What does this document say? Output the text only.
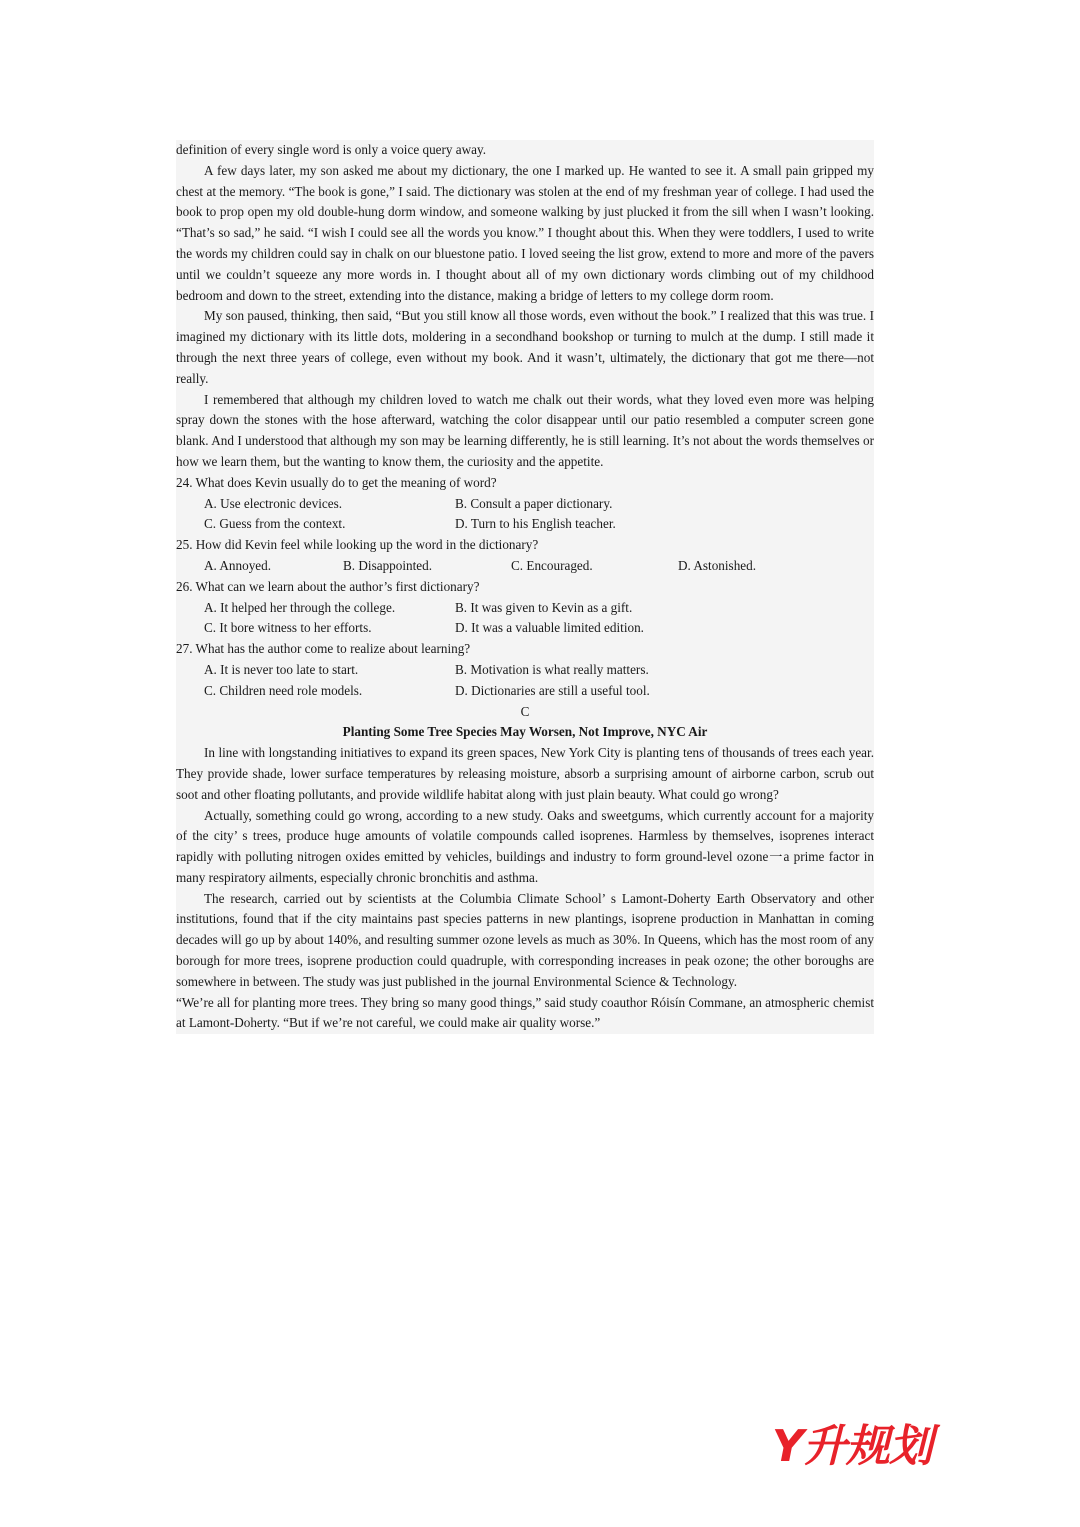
definition of every single word is only a voice query away.

A few days later, my son asked me about my dictionary, the one I marked up. He wanted to see it. A small pain gripped my chest at the memory. “The book is gone,” I said. The dictionary was stolen at the end of my freshman year of college. I had used the book to prop open my old double-hung dorm window, and someone walking by just plucked it from the sill when I wasn’t looking. “That’s so sad,” he said. “I wish I could see all the words you know.” I thought about this. When they were toddlers, I used to write the words my children could say in chalk on our bluestone patio. I loved seeing the list grow, extend to more and more of the pavers until we couldn’t squeeze any more words in. I thought about all of my own dictionary words climbing out of my childhood bedroom and down to the street, extending into the distance, making a bridge of letters to my college dorm room.

My son paused, thinking, then said, “But you still know all those words, even without the book.” I realized that this was true. I imagined my dictionary with its little dots, moldering in a secondhand bookshop or turning to mulch at the dump. I still made it through the next three years of college, even without my book. And it wasn’t, ultimately, the dictionary that got me there—not really.

I remembered that although my children loved to watch me chalk out their words, what they loved even more was helping spray down the stones with the hose afterward, watching the color disappear until our patio resembled a computer screen gone blank. And I understood that although my son may be learning differently, he is still learning. It’s not about the words themselves or how we learn them, but the wanting to know them, the curiosity and the appetite.

24. What does Kevin usually do to get the meaning of word?

A. Use electronic devices.	B. Consult a paper dictionary.
C. Guess from the context.	D. Turn to his English teacher.

25. How did Kevin feel while looking up the word in the dictionary?

A. Annoyed.	B. Disappointed.	C. Encouraged.	D. Astonished.

26. What can we learn about the author’s first dictionary?

A. It helped her through the college.	B. It was given to Kevin as a gift.
C. It bore witness to her efforts.	D. It was a valuable limited edition.

27. What has the author come to realize about learning?

A. It is never too late to start.	B. Motivation is what really matters.
C. Children need role models.	D. Dictionaries are still a useful tool.

C

Planting Some Tree Species May Worsen, Not Improve, NYC Air

In line with longstanding initiatives to expand its green spaces, New York City is planting tens of thousands of trees each year. They provide shade, lower surface temperatures by releasing moisture, absorb a surprising amount of airborne carbon, scrub out soot and other floating pollutants, and provide wildlife habitat along with just plain beauty. What could go wrong?

Actually, something could go wrong, according to a new study. Oaks and sweetgums, which currently account for a majority of the city’ s trees, produce huge amounts of volatile compounds called isoprenes. Harmless by themselves, isoprenes interact rapidly with polluting nitrogen oxides emitted by vehicles, buildings and industry to form ground-level ozone一a prime factor in many respiratory ailments, especially chronic bronchitis and asthma.

The research, carried out by scientists at the Columbia Climate School’ s Lamont-Doherty Earth Observatory and other institutions, found that if the city maintains past species patterns in new plantings, isoprene production in Manhattan in coming decades will go up by about 140%, and resulting summer ozone levels as much as 30%. In Queens, which has the most room of any borough for more trees, isoprene production could quadruple, with corresponding increases in peak ozone; the other boroughs are somewhere in between. The study was just published in the journal Environmental Science & Technology.

“We’re all for planting more trees. They bring so many good things,” said study coauthor Róisín Commane, an atmospheric chemist at Lamont-Doherty. “But if we’re not careful, we could make air quality worse.”

Y升规划
